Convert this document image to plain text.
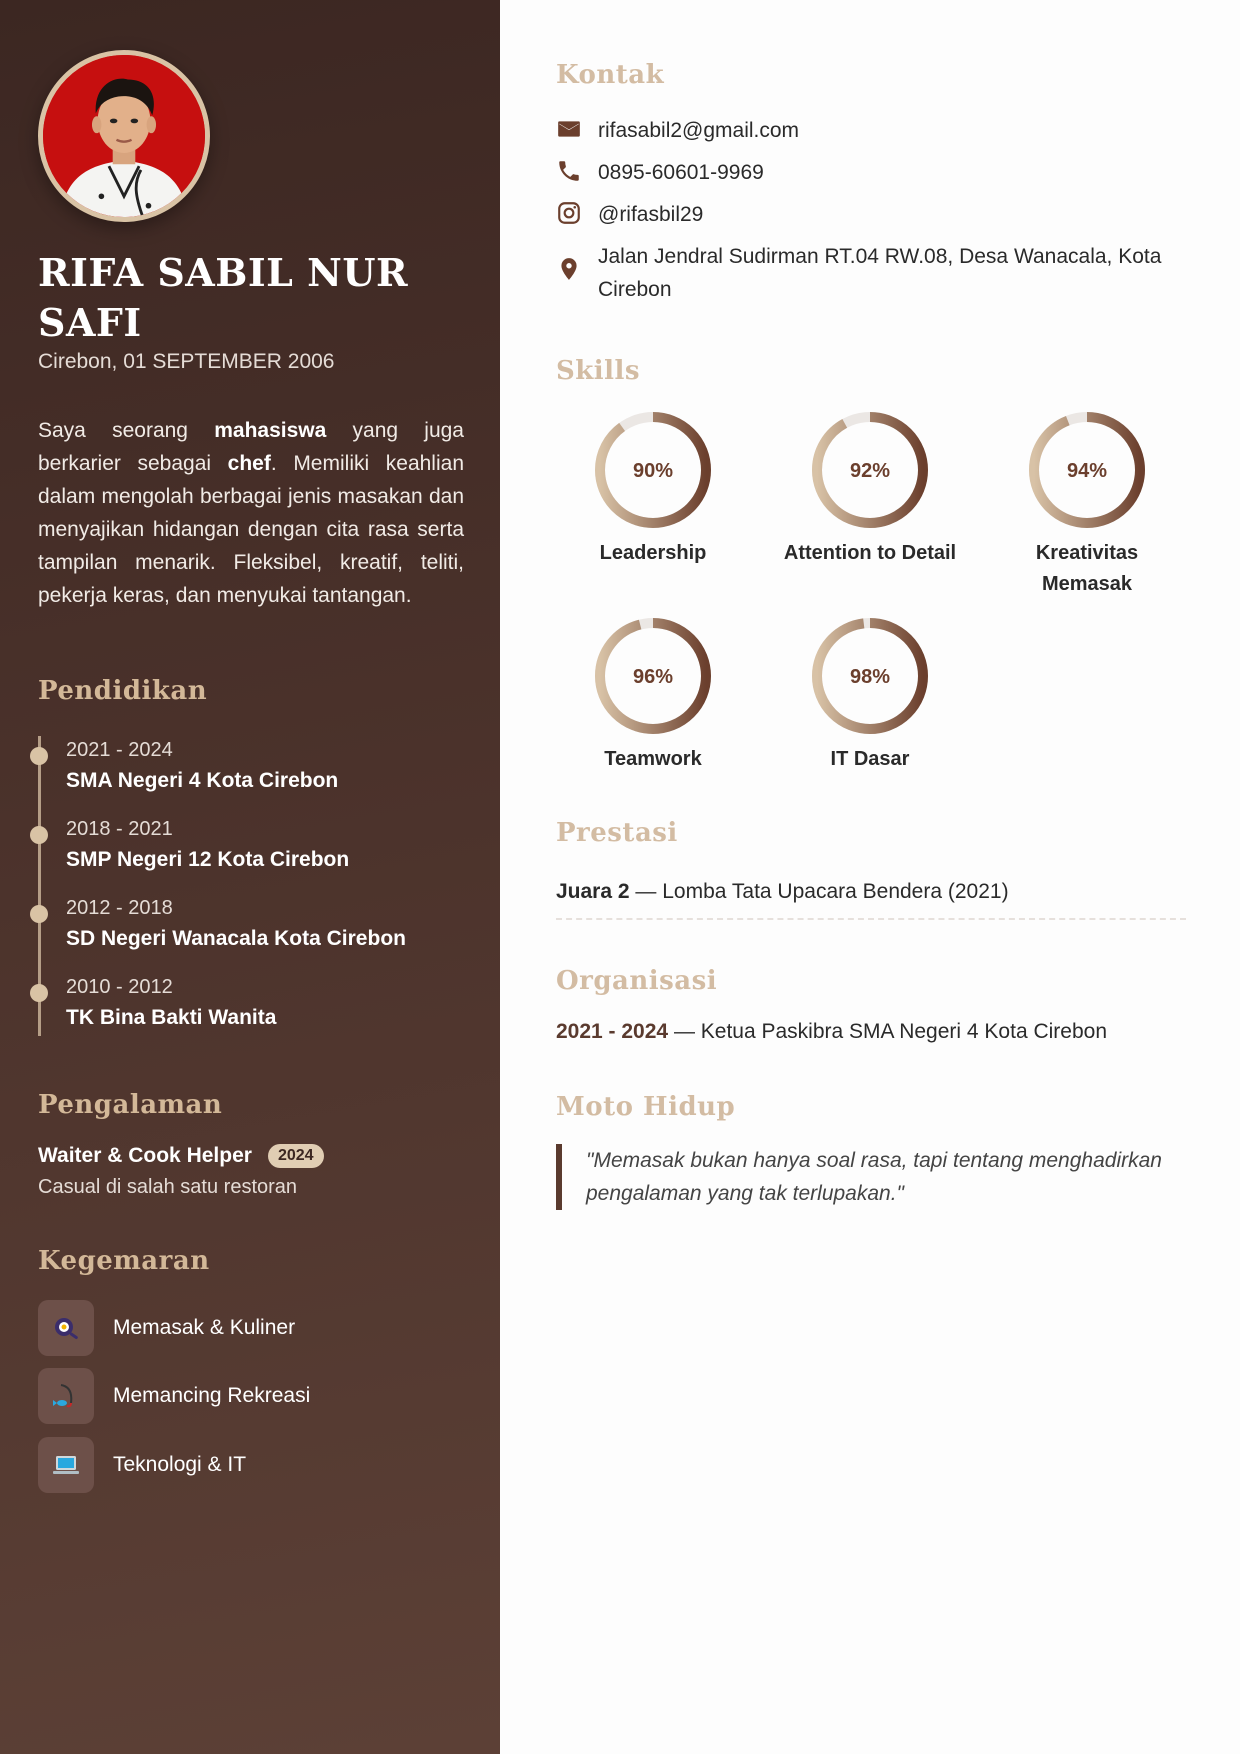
RIFA SABIL NUR SAFI
Cirebon, 01 SEPTEMBER 2006
Saya seorang mahasiswa yang juga berkarier sebagai chef. Memiliki keahlian dalam mengolah berbagai jenis masakan dan menyajikan hidangan dengan cita rasa serta tampilan menarik. Fleksibel, kreatif, teliti, pekerja keras, dan menyukai tantangan.
Pendidikan
2021 - 2024
SMA Negeri 4 Kota Cirebon
2018 - 2021
SMP Negeri 12 Kota Cirebon
2012 - 2018
SD Negeri Wanacala Kota Cirebon
2010 - 2012
TK Bina Bakti Wanita
Pengalaman
Waiter & Cook Helper	2024
Casual di salah satu restoran
Kegemaran
Memasak & Kuliner
Memancing Rekreasi
Teknologi & IT
Kontak
rifasabil2@gmail.com
0895-60601-9969
@rifasbil29
Jalan Jendral Sudirman RT.04 RW.08, Desa Wanacala, Kota Cirebon
Skills
90%
Leadership
92%
Attention to Detail
94%
Kreativitas Memasak
96%
Teamwork
98%
IT Dasar
Prestasi
Juara 2 — Lomba Tata Upacara Bendera (2021)
Organisasi
2021 - 2024 — Ketua Paskibra SMA Negeri 4 Kota Cirebon
Moto Hidup
"Memasak bukan hanya soal rasa, tapi tentang menghadirkan pengalaman yang tak terlupakan."
